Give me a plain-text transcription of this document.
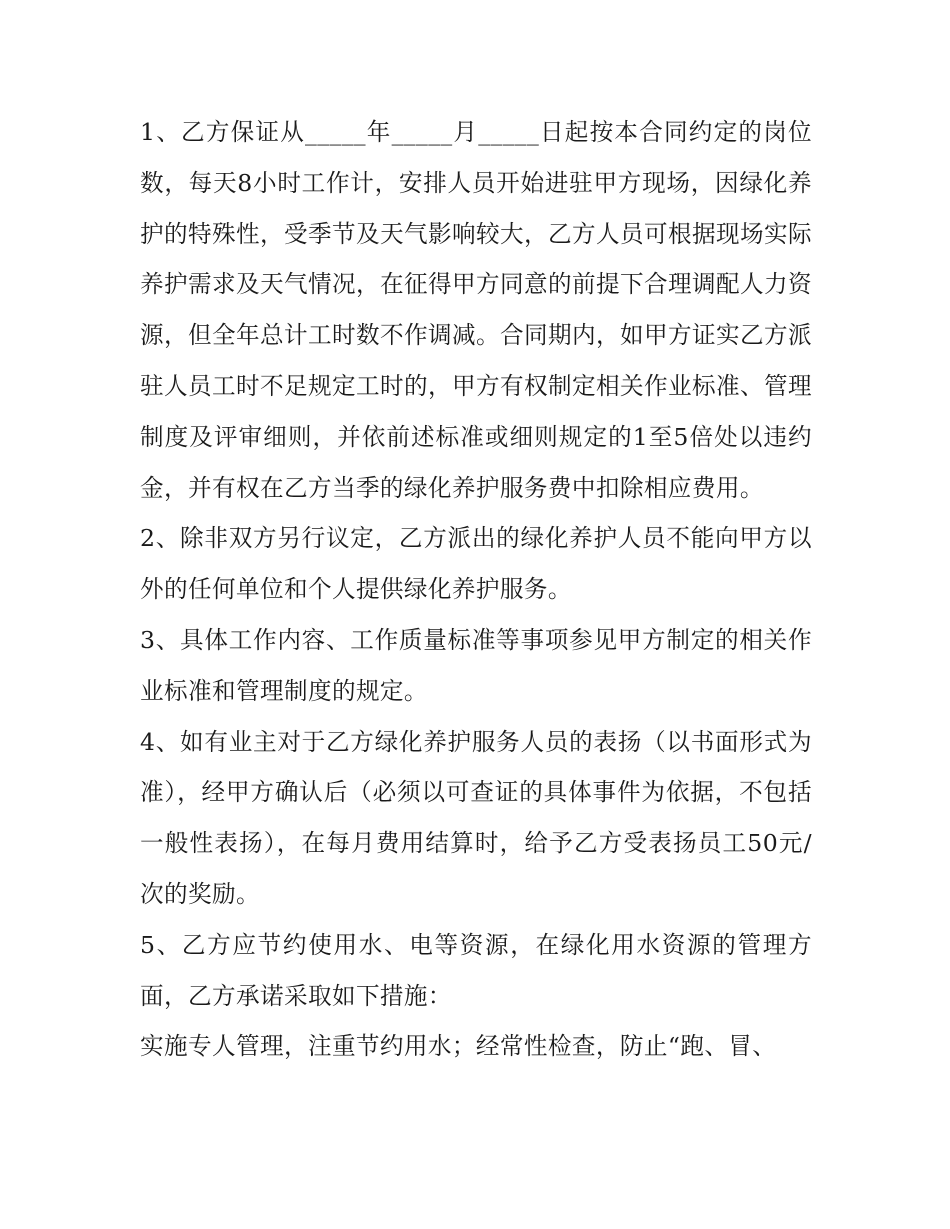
1、乙方保证从_____年_____月_____日起按本合同约定的岗位数，每天8小时工作计，安排人员开始进驻甲方现场，因绿化养护的特殊性，受季节及天气影响较大，乙方人员可根据现场实际养护需求及天气情况，在征得甲方同意的前提下合理调配人力资源，但全年总计工时数不作调减。合同期内，如甲方证实乙方派驻人员工时不足规定工时的，甲方有权制定相关作业标准、管理制度及评审细则，并依前述标准或细则规定的1至5倍处以违约金，并有权在乙方当季的绿化养护服务费中扣除相应费用。

2、除非双方另行议定，乙方派出的绿化养护人员不能向甲方以外的任何单位和个人提供绿化养护服务。

3、具体工作内容、工作质量标准等事项参见甲方制定的相关作业标准和管理制度的规定。

4、如有业主对于乙方绿化养护服务人员的表扬（以书面形式为准），经甲方确认后（必须以可查证的具体事件为依据，不包括一般性表扬），在每月费用结算时，给予乙方受表扬员工50元/次的奖励。

5、乙方应节约使用水、电等资源，在绿化用水资源的管理方面，乙方承诺采取如下措施：

实施专人管理，注重节约用水；经常性检查，防止“跑、冒、
